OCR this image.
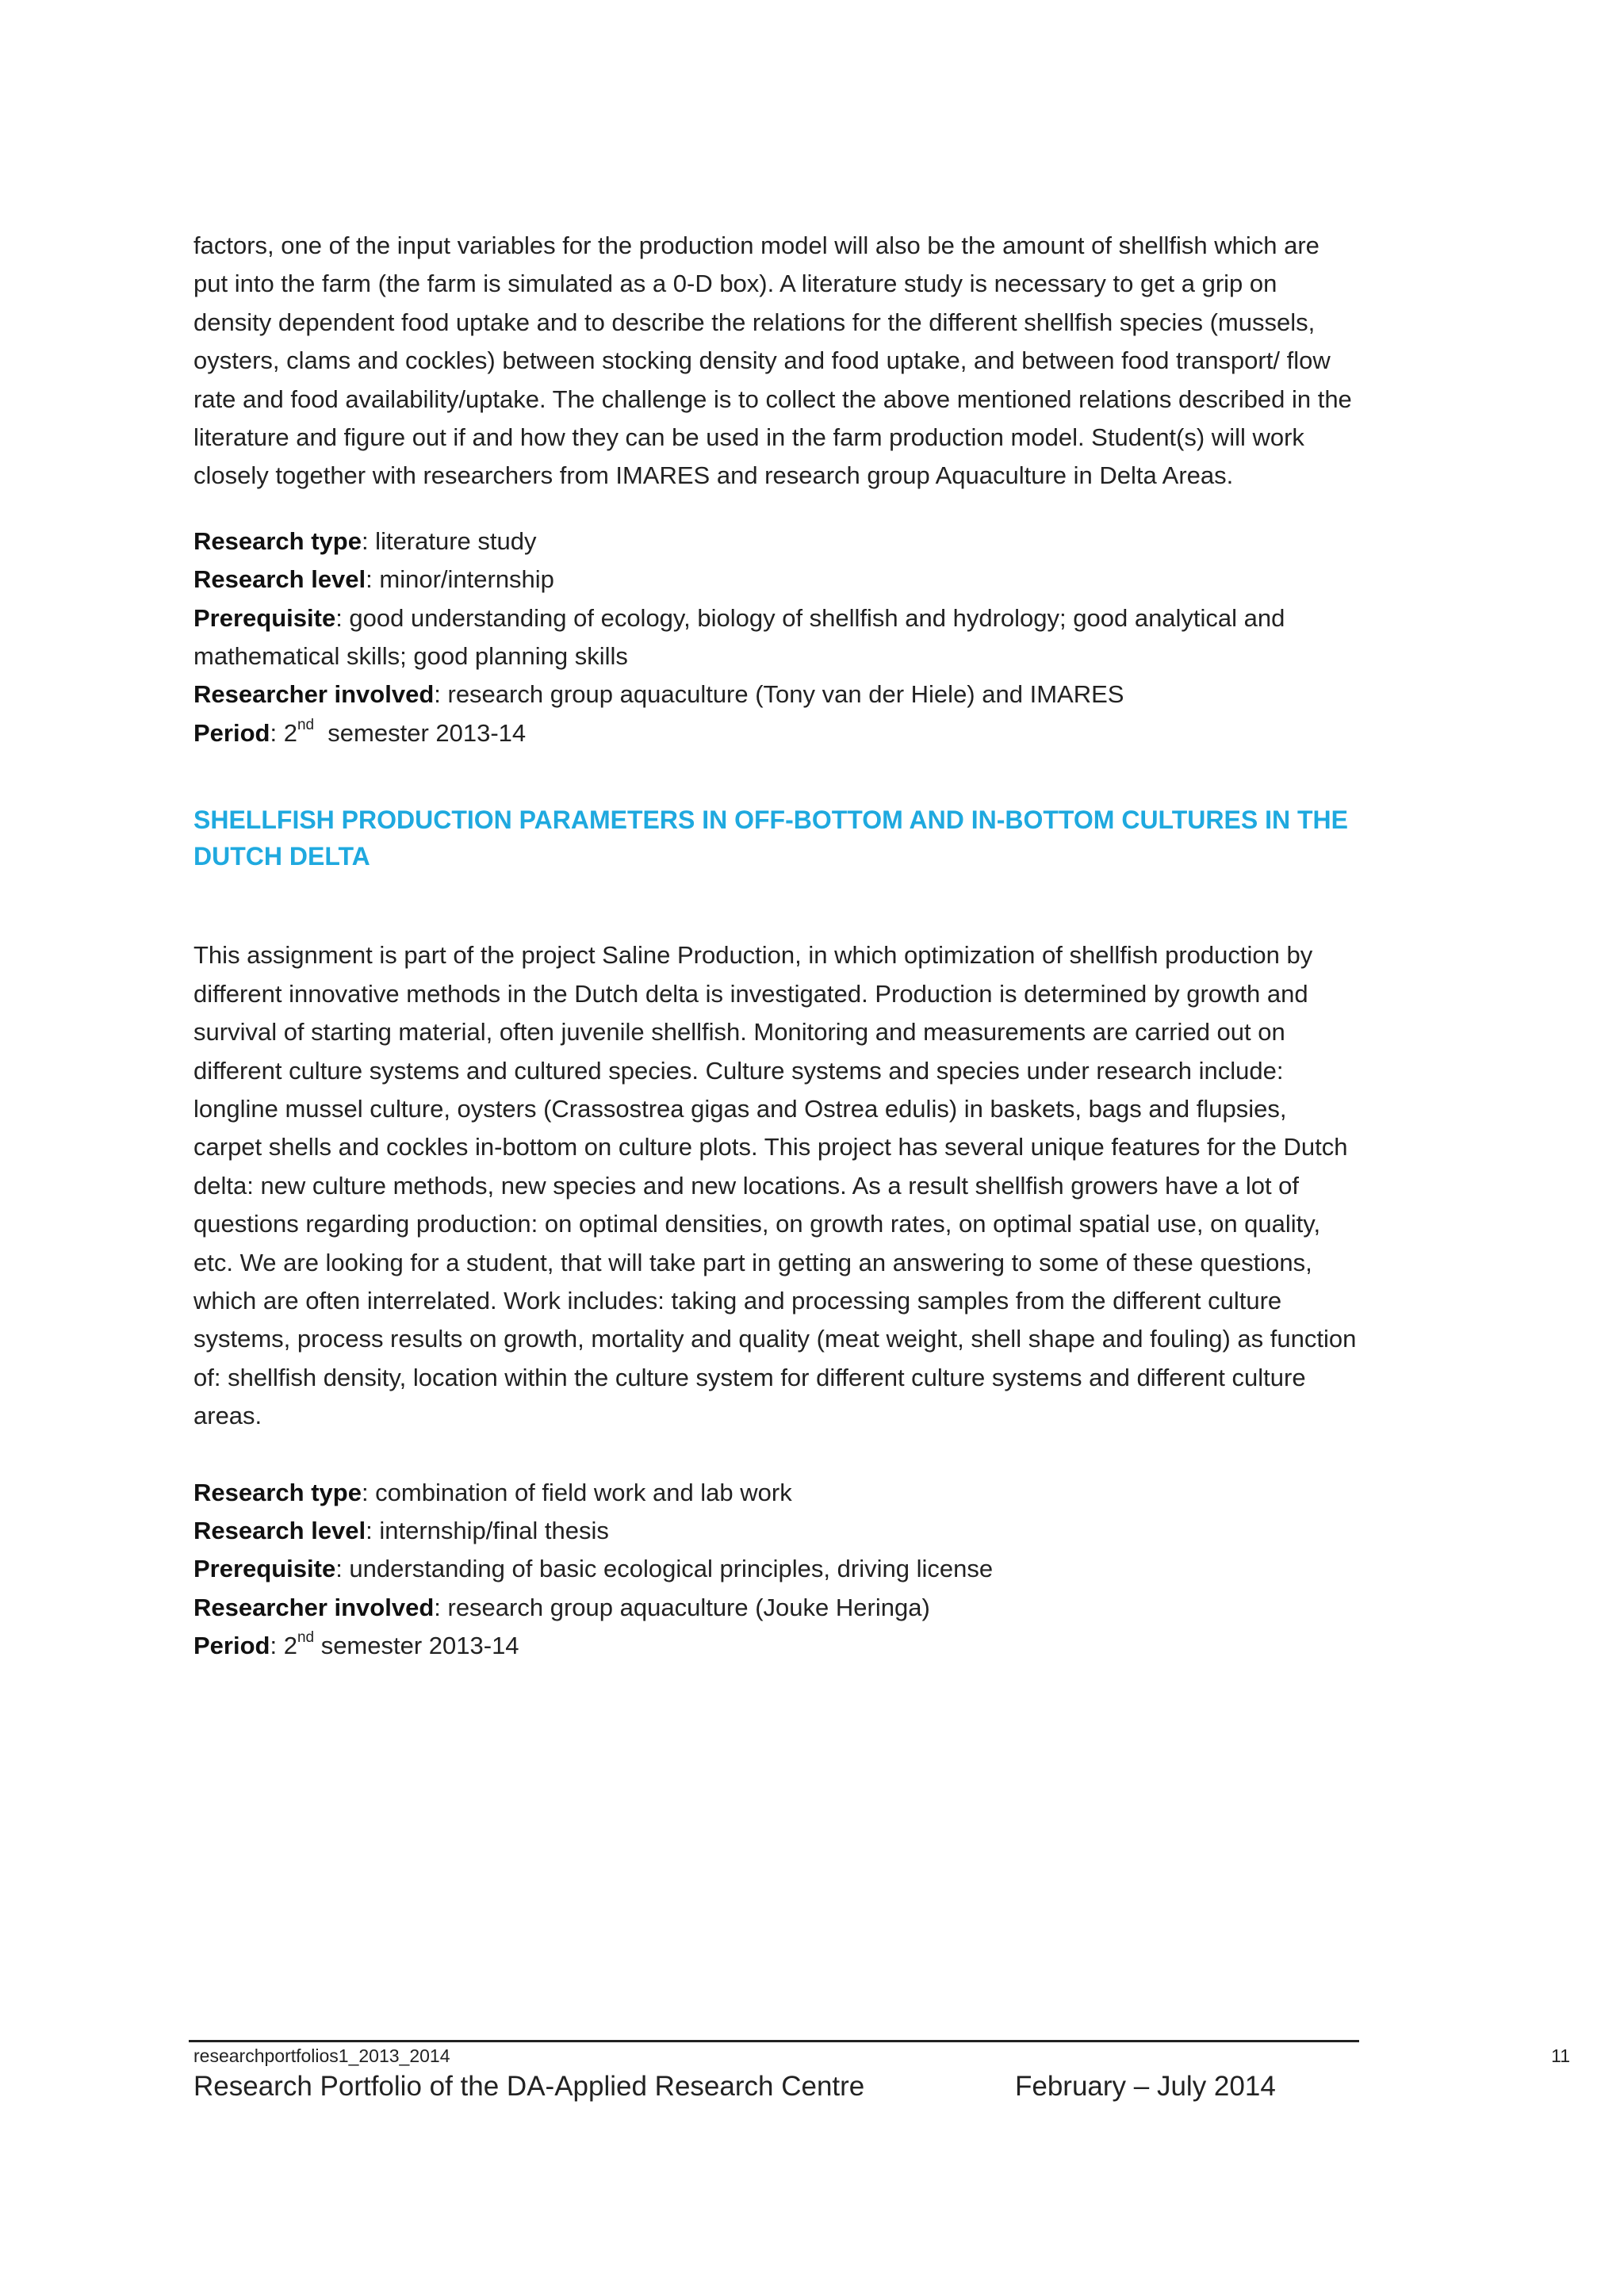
factors, one of the input variables for the production model will also be the amount of shellfish which are put into the farm (the farm is simulated as a 0-D box). A literature study is necessary to get a grip on density dependent food uptake and to describe the relations for the different shellfish species (mussels, oysters, clams and cockles) between stocking density and food uptake, and between food transport/ flow rate and food availability/uptake. The challenge is to collect the above mentioned relations described in the literature and figure out if and how they can be used in the farm production model. Student(s) will work closely together with researchers from IMARES and research group Aquaculture in Delta Areas.

Research type: literature study

Research level: minor/internship

Prerequisite: good understanding of ecology, biology of shellfish and hydrology; good analytical and mathematical skills; good planning skills

Researcher involved: research group aquaculture (Tony van der Hiele) and IMARES

Period: 2nd  semester 2013-14

SHELLFISH PRODUCTION PARAMETERS IN OFF-BOTTOM AND IN-BOTTOM CULTURES IN THE DUTCH DELTA

This assignment is part of the project Saline Production, in which optimization of shellfish production by different innovative methods in the Dutch delta is investigated. Production is determined by growth and survival of starting material, often juvenile shellfish. Monitoring and measurements are carried out on different culture systems and cultured species. Culture systems and species under research include: longline mussel culture, oysters (Crassostrea gigas and Ostrea edulis) in baskets, bags and flupsies, carpet shells and cockles in-bottom on culture plots. This project has several unique features for the Dutch delta: new culture methods, new species and new locations. As a result shellfish growers have a lot of questions regarding production: on optimal densities, on growth rates, on optimal spatial use, on quality, etc. We are looking for a student, that will take part in getting an answering to some of these questions, which are often interrelated. Work includes: taking and processing samples from the different culture systems, process results on growth, mortality and quality (meat weight, shell shape and fouling) as function of: shellfish density, location within the culture system for different culture systems and different culture areas.

Research type: combination of field work and lab work

Research level: internship/final thesis

Prerequisite: understanding of basic ecological principles, driving license

Researcher involved: research group aquaculture (Jouke Heringa)

Period: 2nd semester 2013-14

researchportfolios1_2013_2014	11
Research Portfolio of the DA-Applied Research Centre	February – July 2014
